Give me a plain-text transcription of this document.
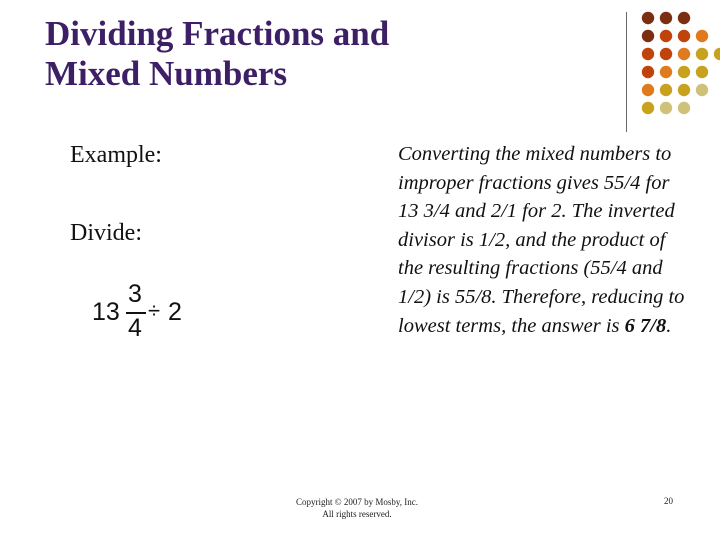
Dividing Fractions and
Mixed Numbers
Example:
Divide:
13
3
4
÷ 2
Converting the mixed numbers to improper fractions gives 55/4 for 13 3/4 and 2/1 for 2. The inverted divisor is 1/2, and the product of the resulting fractions (55/4 and 1/2) is 55/8. Therefore, reducing to lowest terms, the answer is 6 7/8.
Copyright © 2007 by Mosby, Inc.
All rights reserved.
20
